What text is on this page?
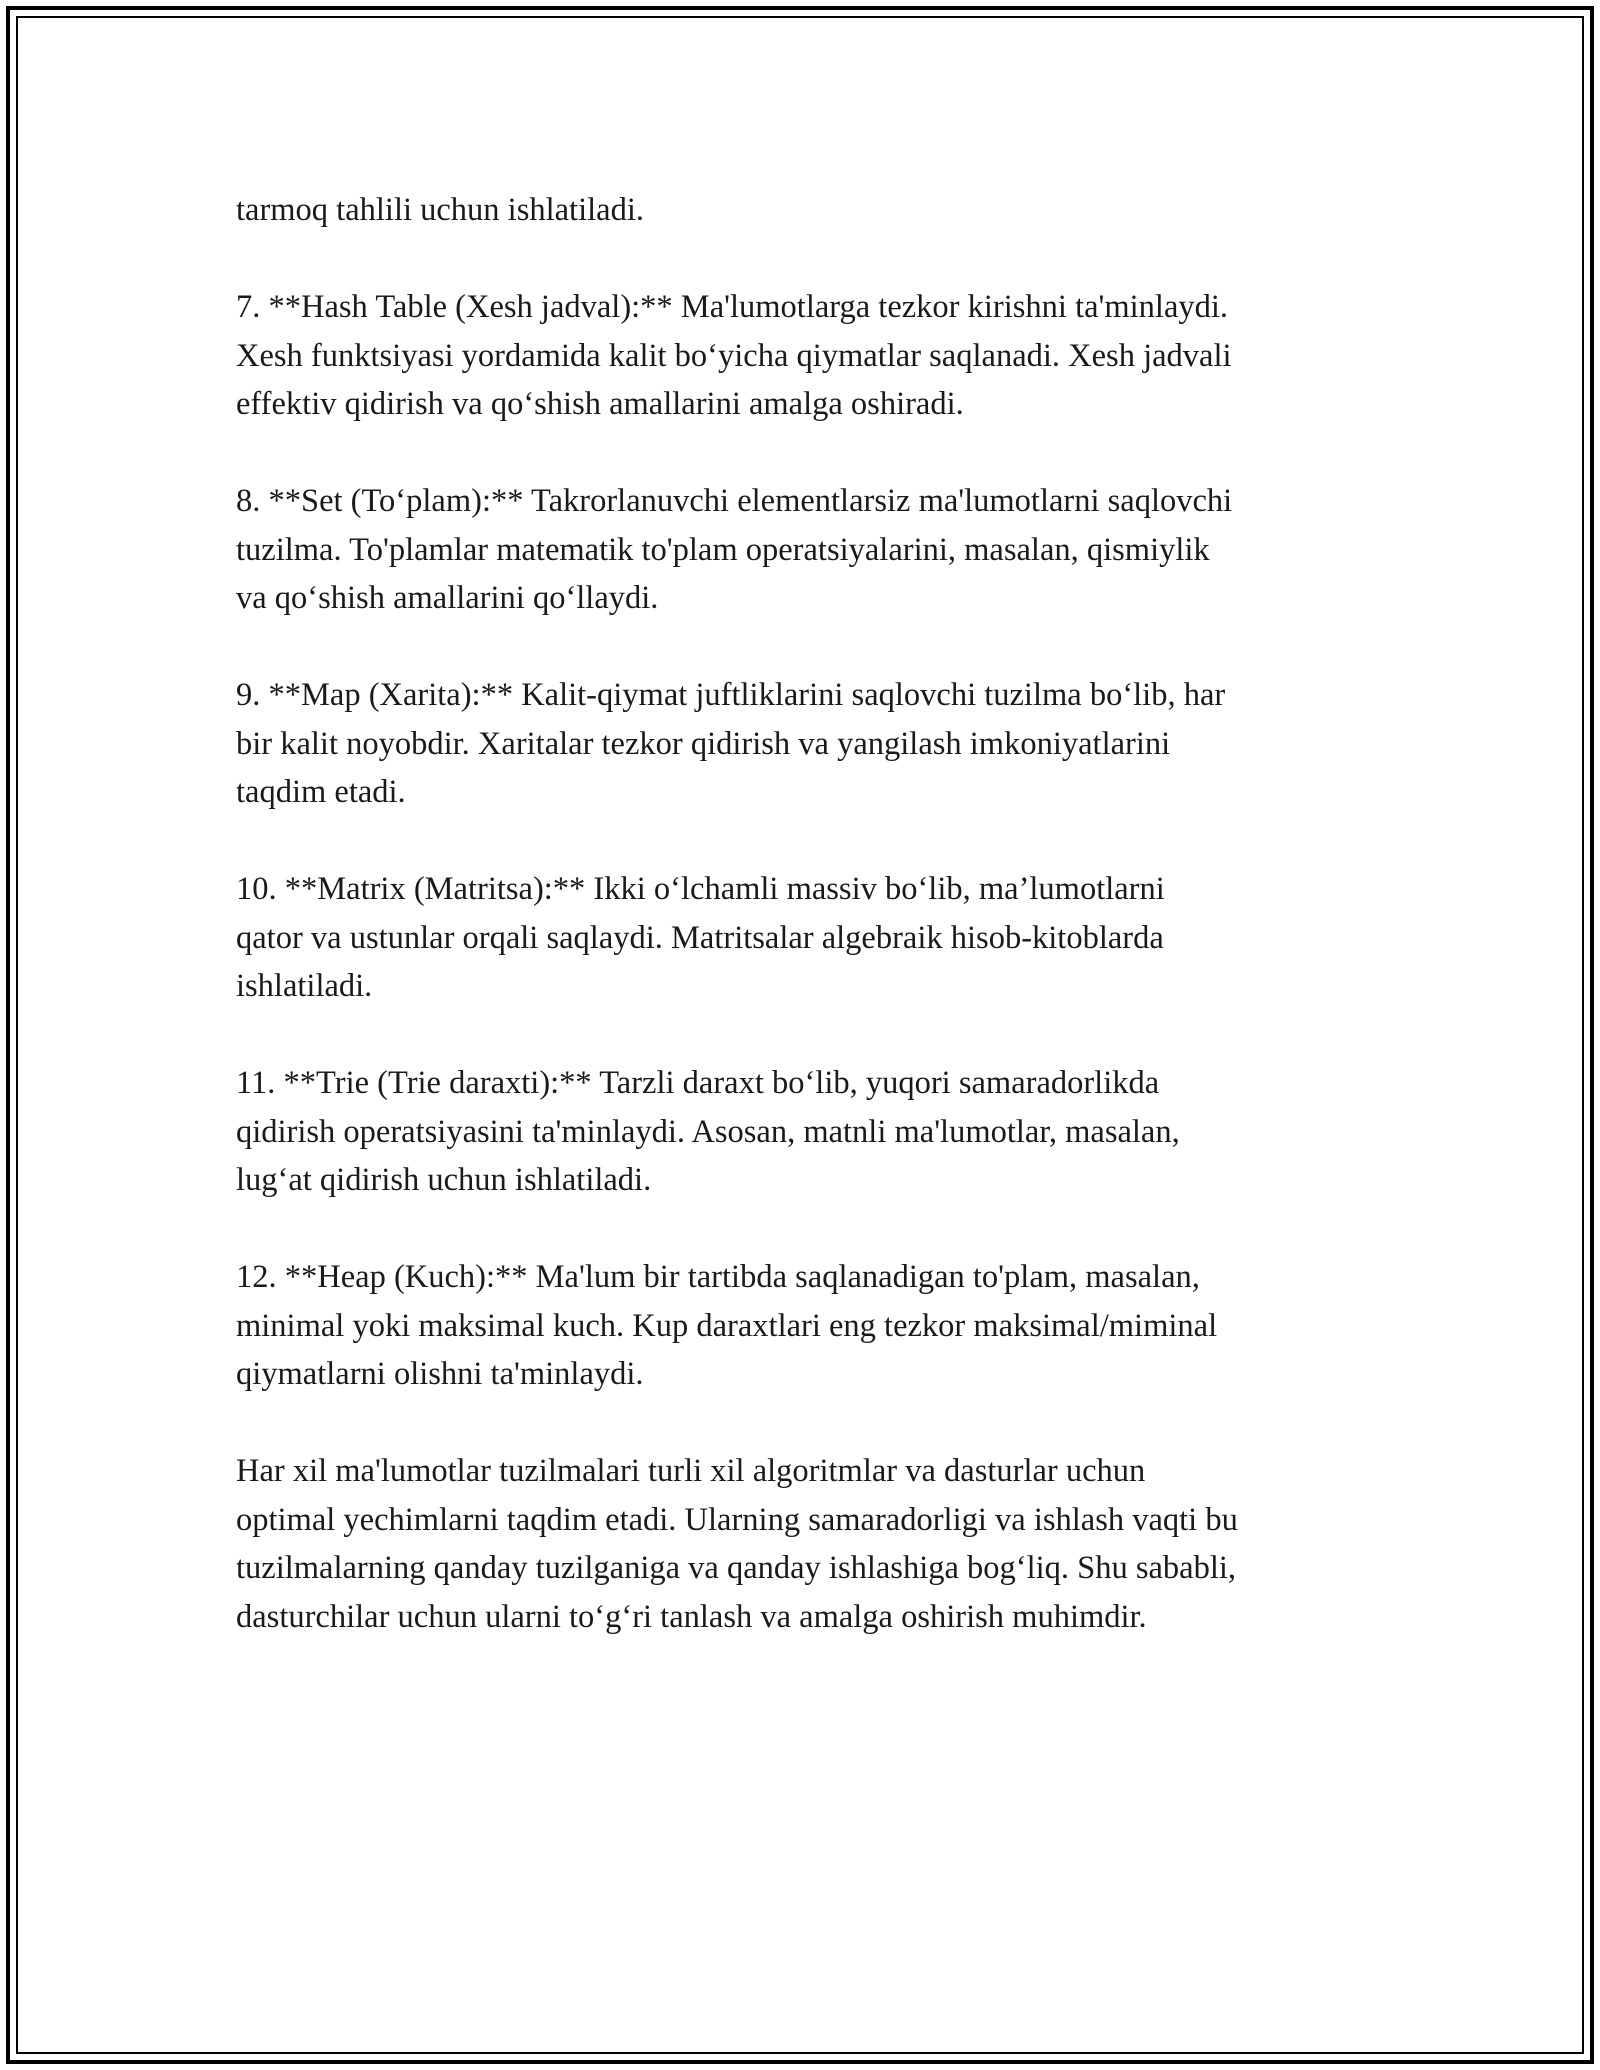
tarmoq tahlili uchun ishlatiladi.

7. **Hash Table (Xesh jadval):** Ma'lumotlarga tezkor kirishni ta'minlaydi.
Xesh funktsiyasi yordamida kalit bo‘yicha qiymatlar saqlanadi. Xesh jadvali
effektiv qidirish va qo‘shish amallarini amalga oshiradi.

8. **Set (To‘plam):** Takrorlanuvchi elementlarsiz ma'lumotlarni saqlovchi
tuzilma. To'plamlar matematik to'plam operatsiyalarini, masalan, qismiylik
va qo‘shish amallarini qo‘llaydi.

9. **Map (Xarita):** Kalit-qiymat juftliklarini saqlovchi tuzilma bo‘lib, har
bir kalit noyobdir. Xaritalar tezkor qidirish va yangilash imkoniyatlarini
taqdim etadi.

10. **Matrix (Matritsa):** Ikki o‘lchamli massiv bo‘lib, ma’lumotlarni
qator va ustunlar orqali saqlaydi. Matritsalar algebraik hisob-kitoblarda
ishlatiladi.

11. **Trie (Trie daraxti):** Tarzli daraxt bo‘lib, yuqori samaradorlikda
qidirish operatsiyasini ta'minlaydi. Asosan, matnli ma'lumotlar, masalan,
lug‘at qidirish uchun ishlatiladi.

12. **Heap (Kuch):** Ma'lum bir tartibda saqlanadigan to'plam, masalan,
minimal yoki maksimal kuch. Kup daraxtlari eng tezkor maksimal/miminal
qiymatlarni olishni ta'minlaydi.

Har xil ma'lumotlar tuzilmalari turli xil algoritmlar va dasturlar uchun
optimal yechimlarni taqdim etadi. Ularning samaradorligi va ishlash vaqti bu
tuzilmalarning qanday tuzilganiga va qanday ishlashiga bog‘liq. Shu sababli,
dasturchilar uchun ularni to‘g‘ri tanlash va amalga oshirish muhimdir.
